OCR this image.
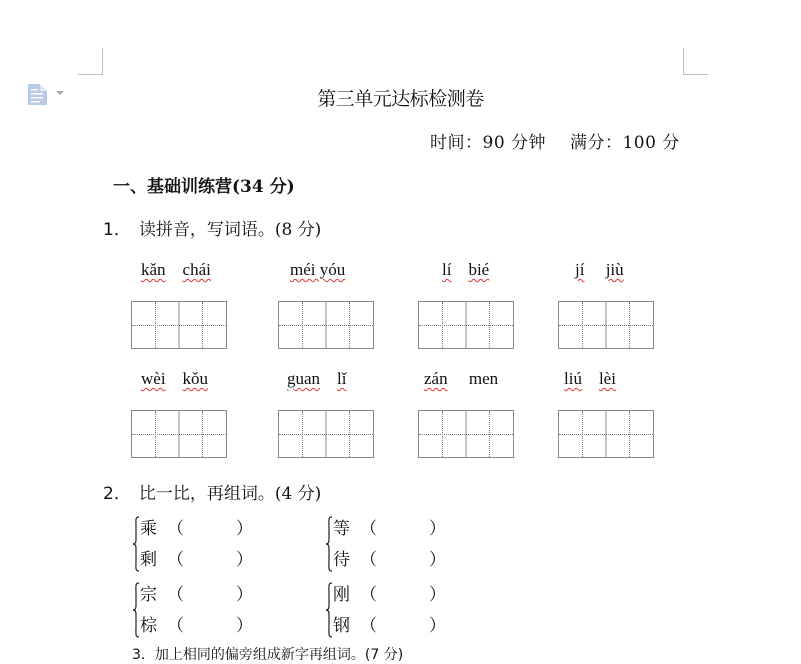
第三单元达标检测卷
时间：90 分钟 满分：100 分
一、基础训练营(34 分)
1． 读拼音，写词语。(8 分)
kǎn chái	méi yóu	lí bié	jí jiù
wèi kǒu	guan lǐ	zán men	liú lèi
2． 比一比，再组词。(4 分)
乘 （	）
剩 （	）
等 （	）
待 （	）
宗 （	）
棕 （	）
刚 （	）
钢 （	）
3．加上相同的偏旁组成新字再组词。(7 分)
